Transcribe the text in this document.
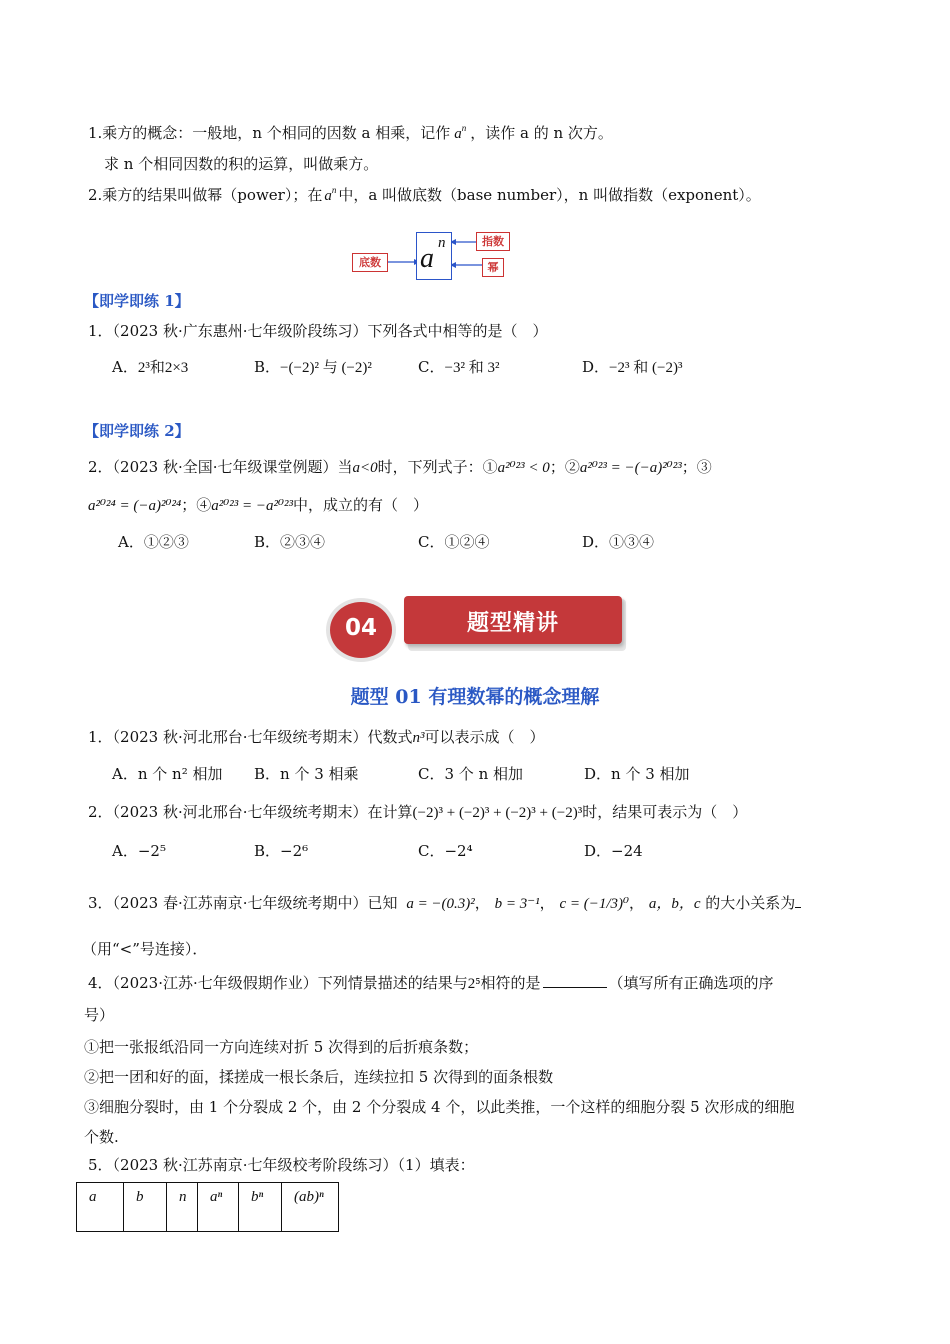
1.乘方的概念：一般地，n 个相同的因数 a 相乘，记作 $a^n$ ，读作 a 的 n 次方。
求 n 个相同因数的积的运算，叫做乘方。
2.乘方的结果叫做幂（power）；在 $a^n$ 中，a 叫做底数（base number），n 叫做指数（exponent）。
a n
底数
指数
幂
【即学即练 1】
1．（2023 秋·广东惠州·七年级阶段练习）下列各式中相等的是（　）
A．2³和2×3	B．−(−2)² 与 (−2)²	C．−3² 和 3²	D．−2³ 和 (−2)³
【即学即练 2】
2．（2023 秋·全国·七年级课堂例题）当a<0时，下列式子：①a²⁰²³ < 0；②a²⁰²³ = −(−a)²⁰²³；③
a²⁰²⁴ = (−a)²⁰²⁴；④a²⁰²³ = −a²⁰²³中，成立的有（　）
A．①②③	B．②③④	C．①②④	D．①③④
题型精讲
04
题型 01 有理数幂的概念理解
1．（2023 秋·河北邢台·七年级统考期末）代数式n³可以表示成（　）
A．n 个 n² 相加 B．n 个 3 相乘	C．3 个 n 相加	D．n 个 3 相加
2．（2023 秋·河北邢台·七年级统考期末）在计算(−2)³ + (−2)³ + (−2)³ + (−2)³时，结果可表示为（　）
A．−2⁵	B．−2⁶	C．−2⁴	D．−24
3．（2023 春·江苏南京·七年级统考期中）已知 a = −(0.3)²， b = 3⁻¹， c = (−1/3)⁰， a，b，c 的大小关系为
（用“<”号连接）．
4．（2023·江苏·七年级假期作业）下列情景描述的结果与2⁵相符的是	（填写所有正确选项的序
号）
①把一张报纸沿同一方向连续对折 5 次得到的后折痕条数；
②把一团和好的面，揉搓成一根长条后，连续拉扣 5 次得到的面条根数
③细胞分裂时，由 1 个分裂成 2 个，由 2 个分裂成 4 个，以此类推，一个这样的细胞分裂 5 次形成的细胞
个数.
5．（2023 秋·江苏南京·七年级校考阶段练习）（1）填表：
a	b	n	aⁿ	bⁿ	(ab)ⁿ
